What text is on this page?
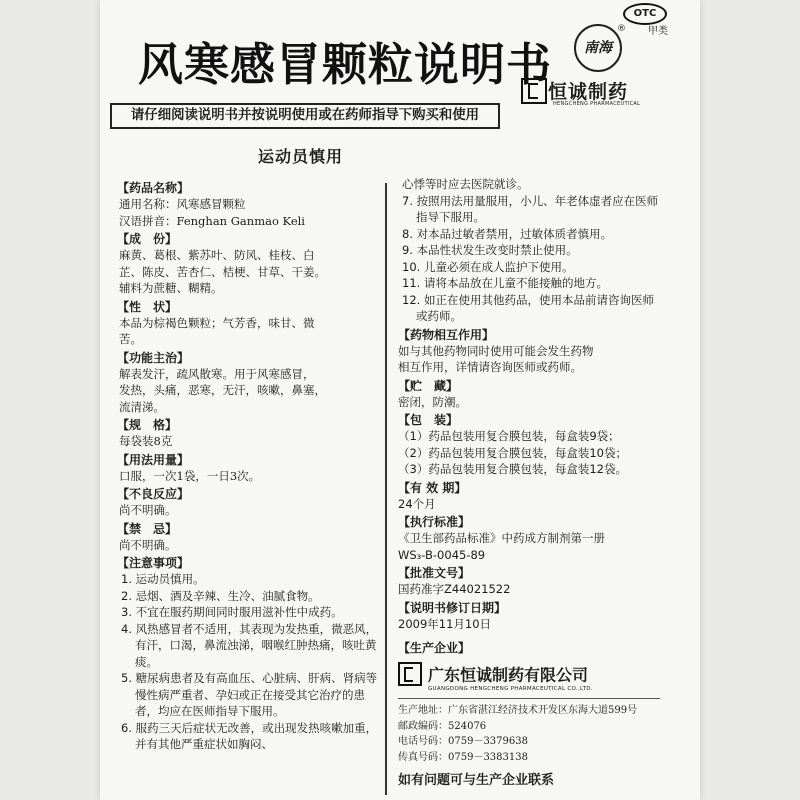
风寒感冒颗粒说明书
OTC
甲类
南海
®
恒诚制药
HENGCHENG PHARMACEUTICAL
请仔细阅读说明书并按说明使用或在药师指导下购买和使用
运动员慎用
【药品名称】
通用名称：风寒感冒颗粒
汉语拼音：Fenghan Ganmao Keli
【成　份】
麻黄、葛根、紫苏叶、防风、桂枝、白
芷、陈皮、苦杏仁、桔梗、甘草、干姜。
辅料为蔗糖、糊精。
【性　状】
本品为棕褐色颗粒；气芳香，味甘、微
苦。
【功能主治】
解表发汗，疏风散寒。用于风寒感冒，
发热，头痛，恶寒，无汗，咳嗽，鼻塞，
流清涕。
【规　格】
每袋装8克
【用法用量】
口服，一次1袋，一日3次。
【不良反应】
尚不明确。
【禁　忌】
尚不明确。
【注意事项】
1. 运动员慎用。
2. 忌烟、酒及辛辣、生冷、油腻食物。
3. 不宜在服药期间同时服用滋补性中成药。
4. 风热感冒者不适用，其表现为发热重，微恶风，有汗，口渴，鼻流浊涕，咽喉红肿热痛，咳吐黄痰。
5. 糖尿病患者及有高血压、心脏病、肝病、肾病等慢性病严重者、孕妇或正在接受其它治疗的患者，均应在医师指导下服用。
6. 服药三天后症状无改善，或出现发热咳嗽加重，并有其他严重症状如胸闷、
心悸等时应去医院就诊。
7. 按照用法用量服用，小儿、年老体虚者应在医师指导下服用。
8. 对本品过敏者禁用，过敏体质者慎用。
9. 本品性状发生改变时禁止使用。
10. 儿童必须在成人监护下使用。
11. 请将本品放在儿童不能接触的地方。
12. 如正在使用其他药品，使用本品前请咨询医师或药师。
【药物相互作用】
如与其他药物同时使用可能会发生药物
相互作用，详情请咨询医师或药师。
【贮　藏】
密闭，防潮。
【包　装】
（1）药品包装用复合膜包装，每盒装9袋；
（2）药品包装用复合膜包装，每盒装10袋；
（3）药品包装用复合膜包装，每盒装12袋。
【有 效 期】
24个月
【执行标准】
《卫生部药品标准》中药成方制剂第一册
WS₃-B-0045-89
【批准文号】
国药准字Z44021522
【说明书修订日期】
2009年11月10日
【生产企业】
广东恒诚制药有限公司
GUANGDONG HENGCHENG PHARMACEUTICAL CO.,LTD.
生产地址：广东省湛江经济技术开发区东海大道599号
邮政编码：524076
电话号码：0759－3379638
传真号码：0759－3383138
如有问题可与生产企业联系
